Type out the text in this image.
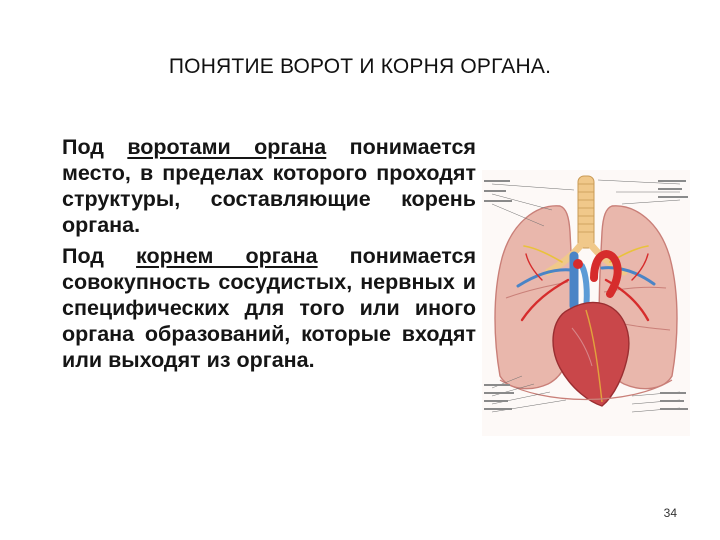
ПОНЯТИЕ ВОРОТ И КОРНЯ ОРГАНА.

Под воротами органа понимается место, в пределах которого проходят структуры, составляющие корень органа.

Под корнем органа понимается совокупность сосудистых, нервных и специфических для того или иного органа образований, которые входят или выходят из органа.

34
